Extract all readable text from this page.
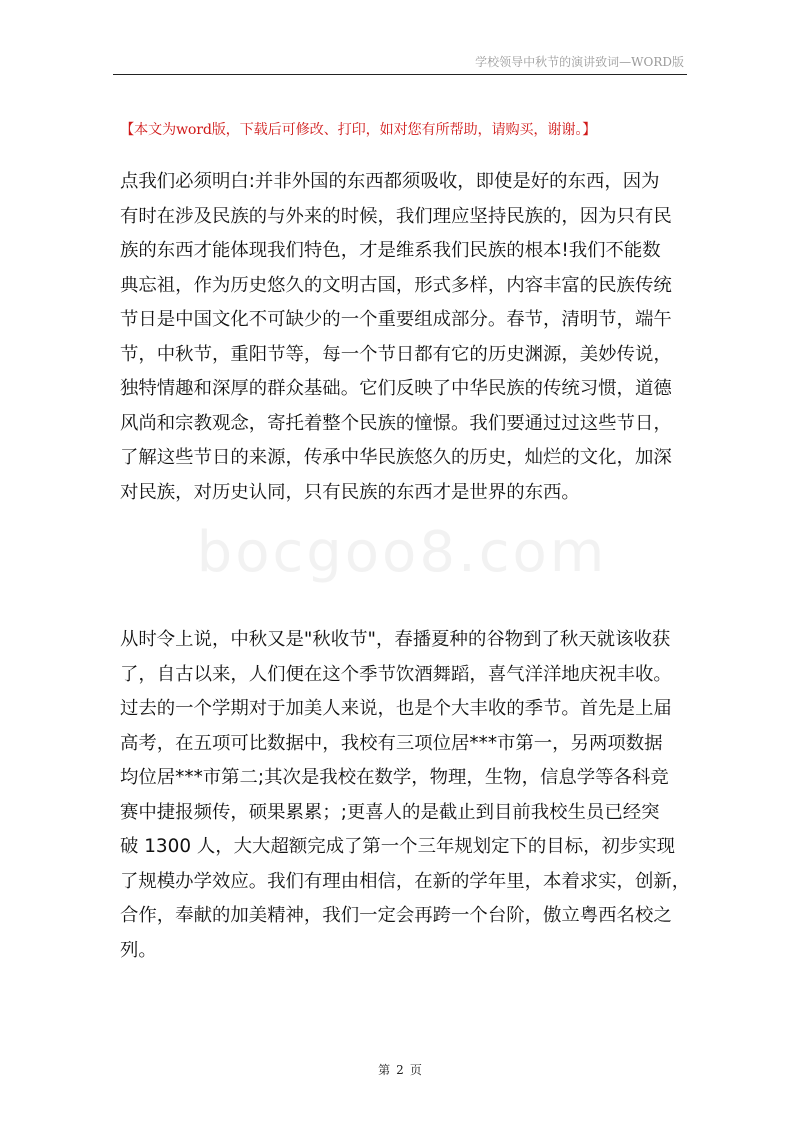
学校领导中秋节的演讲致词—WORD版
【本文为word版，下载后可修改、打印，如对您有所帮助，请购买，谢谢。】
bocgoo8.com
点我们必须明白:并非外国的东西都须吸收，即使是好的东西，因为
有时在涉及民族的与外来的时候，我们理应坚持民族的，因为只有民
族的东西才能体现我们特色，才是维系我们民族的根本!我们不能数
典忘祖，作为历史悠久的文明古国，形式多样，内容丰富的民族传统
节日是中国文化不可缺少的一个重要组成部分。春节，清明节，端午
节，中秋节，重阳节等，每一个节日都有它的历史渊源，美妙传说，
独特情趣和深厚的群众基础。它们反映了中华民族的传统习惯，道德
风尚和宗教观念，寄托着整个民族的憧憬。我们要通过过这些节日，
了解这些节日的来源，传承中华民族悠久的历史，灿烂的文化，加深
对民族，对历史认同，只有民族的东西才是世界的东西。
从时令上说，中秋又是"秋收节"，春播夏种的谷物到了秋天就该收获
了，自古以来，人们便在这个季节饮酒舞蹈，喜气洋洋地庆祝丰收。
过去的一个学期对于加美人来说，也是个大丰收的季节。首先是上届
高考，在五项可比数据中，我校有三项位居***市第一，另两项数据
均位居***市第二;其次是我校在数学，物理，生物，信息学等各科竞
赛中捷报频传，硕果累累；;更喜人的是截止到目前我校生员已经突
破 1300 人，大大超额完成了第一个三年规划定下的目标，初步实现
了规模办学效应。我们有理由相信，在新的学年里，本着求实，创新，
合作，奉献的加美精神，我们一定会再跨一个台阶，傲立粤西名校之
列。
第 2 页
